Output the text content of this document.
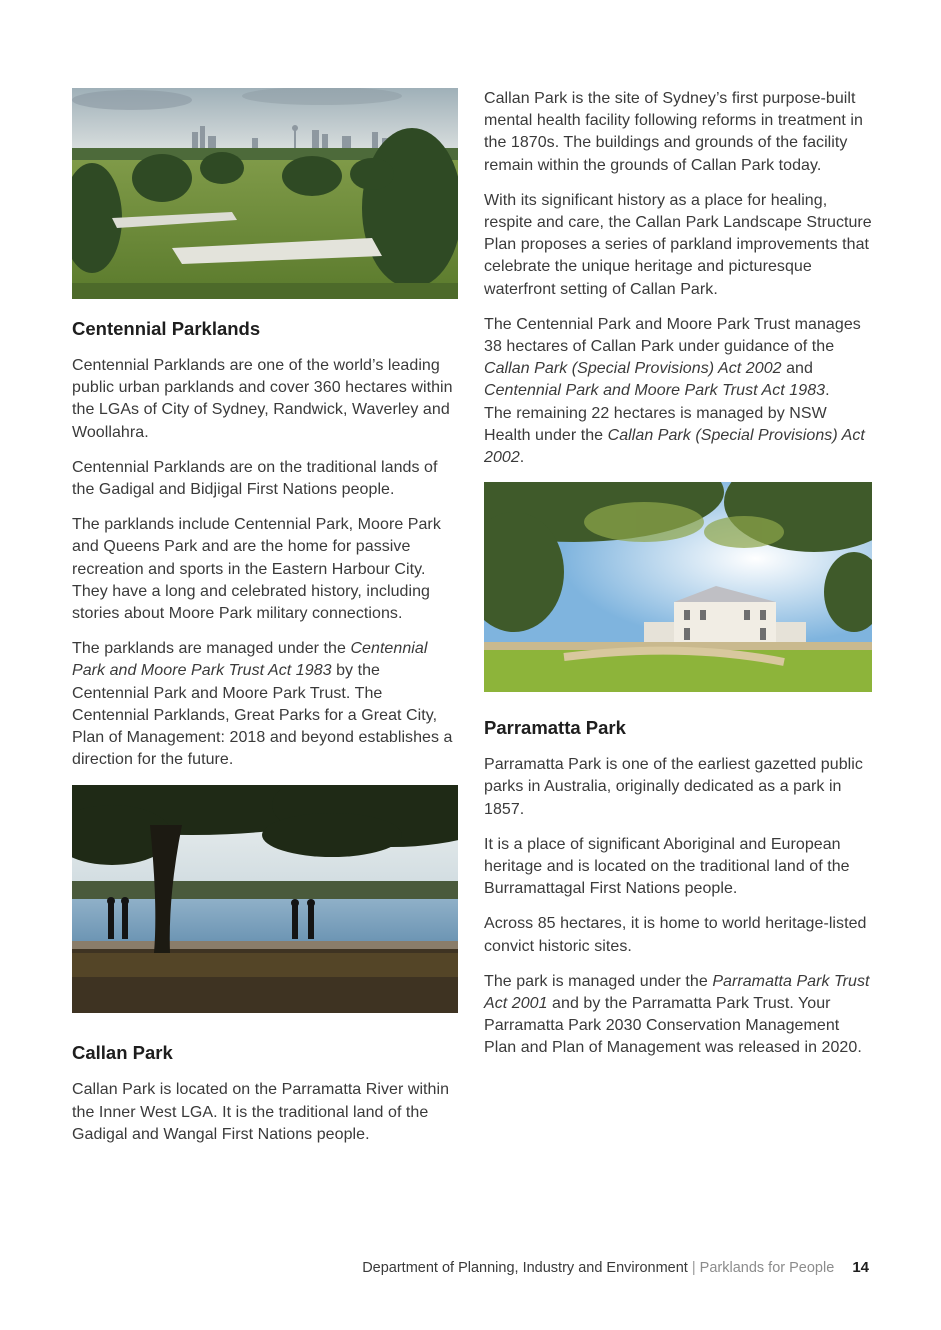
Centennial Parklands

Centennial Parklands are one of the world’s leading public urban parklands and cover 360 hectares within the LGAs of City of Sydney, Randwick, Waverley and Woollahra.

Centennial Parklands are on the traditional lands of the Gadigal and Bidjigal First Nations people.

The parklands include Centennial Park, Moore Park and Queens Park and are the home for passive recreation and sports in the Eastern Harbour City. They have a long and celebrated history, including stories about Moore Park military connections.

The parklands are managed under the Centennial Park and Moore Park Trust Act 1983 by the Centennial Park and Moore Park Trust. The Centennial Parklands, Great Parks for a Great City, Plan of Management: 2018 and beyond establishes a direction for the future.

Callan Park

Callan Park is located on the Parramatta River within the Inner West LGA. It is the traditional land of the Gadigal and Wangal First Nations people.

Callan Park is the site of Sydney’s first purpose-built mental health facility following reforms in treatment in the 1870s. The buildings and grounds of the facility remain within the grounds of Callan Park today.

With its significant history as a place for healing, respite and care, the Callan Park Landscape Structure Plan proposes a series of parkland improvements that celebrate the unique heritage and picturesque waterfront setting of Callan Park.

The Centennial Park and Moore Park Trust manages 38 hectares of Callan Park under guidance of the Callan Park (Special Provisions) Act 2002 and Centennial Park and Moore Park Trust Act 1983.

The remaining 22 hectares is managed by NSW Health under the Callan Park (Special Provisions) Act 2002.

Parramatta Park

Parramatta Park is one of the earliest gazetted public parks in Australia, originally dedicated as a park in 1857.

It is a place of significant Aboriginal and European heritage and is located on the traditional land of the Burramattagal First Nations people.

Across 85 hectares, it is home to world heritage-listed convict historic sites.

The park is managed under the Parramatta Park Trust Act 2001 and by the Parramatta Park Trust. Your Parramatta Park 2030 Conservation Management Plan and Plan of Management was released in 2020.

Department of Planning, Industry and Environment | Parklands for People 14
